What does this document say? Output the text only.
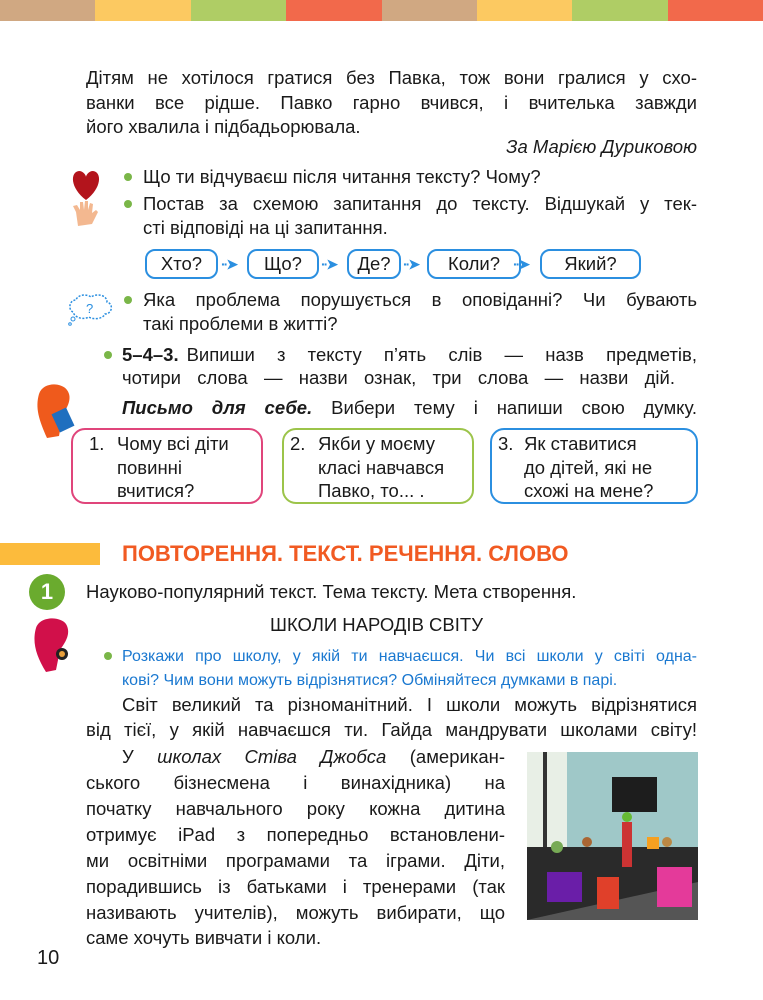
Дітям не хотілося гратися без Павка, тож вони гралися у схо-
ванки все рідше. Павко гарно вчився, і вчителька завжди
його хвалила і підбадьорювала.
За Марією Дуриковою
Що ти відчуваєш після читання тексту? Чому?
Постав за схемою запитання до тексту. Відшукай у тек-
сті відповіді на ці запитання.
Хто?	··➤	Що?	··➤	Де? ··➤	Коли? ··➤	Який?
?	Яка проблема порушується в оповіданні? Чи бувають
такі проблеми в житті?
5–4–3. Випиши з тексту п’ять слів — назв предметів,
чотири слова — назви ознак, три слова — назви дій.
Письмо для себе. Вибери тему і напиши свою думку.
1. Чому всі діти
повинні
вчитися?
2. Якби у моєму
класі навчався
Павко, то... .
3. Як ставитися
до дітей, які не
схожі на мене?
ПОВТОРЕННЯ. ТЕКСТ. РЕЧЕННЯ. СЛОВО
1	Науково-популярний текст. Тема тексту. Мета створення.
ШКОЛИ НАРОДІВ СВІТУ
Розкажи про школу, у якій ти навчаєшся. Чи всі школи у світі одна-
кові? Чим вони можуть відрізнятися? Обміняйтеся думками в парі.
Світ великий та різноманітний. І школи можуть відрізнятися
від тієї, у якій навчаєшся ти. Гайда мандрувати школами світу!
У школах Стіва Джобса (американ-
ського бізнесмена і винахідника) на
початку навчального року кожна дитина
отримує iPad з попередньо встановлени-
ми освітніми програмами та іграми. Діти,
порадившись із батьками і тренерами (так
називають учителів), можуть вибирати, що
саме хочуть вивчати і коли.
10
